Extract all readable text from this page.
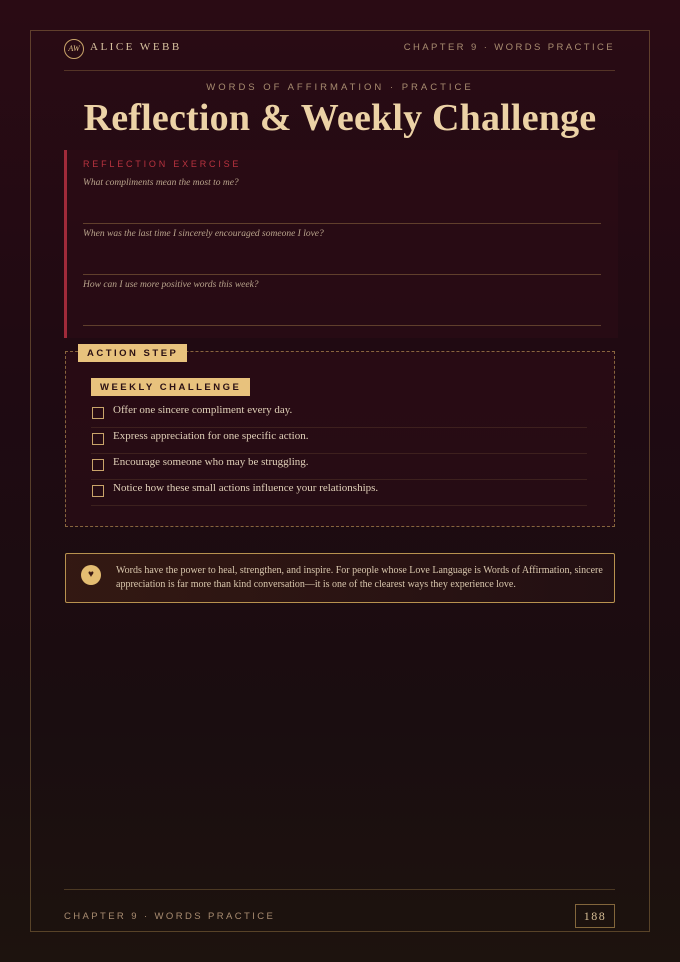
AW ALICE WEBB	CHAPTER 9 · WORDS PRACTICE
WORDS OF AFFIRMATION · PRACTICE
Reflection & Weekly Challenge
REFLECTION EXERCISE
What compliments mean the most to me?
When was the last time I sincerely encouraged someone I love?
How can I use more positive words this week?
ACTION STEP
WEEKLY CHALLENGE
Offer one sincere compliment every day.
Express appreciation for one specific action.
Encourage someone who may be struggling.
Notice how these small actions influence your relationships.
♥	Words have the power to heal, strengthen, and inspire. For people whose Love Language is Words of Affirmation, sincere appreciation is far more than kind conversation—it is one of the clearest ways they experience love.
CHAPTER 9 · WORDS PRACTICE	188
